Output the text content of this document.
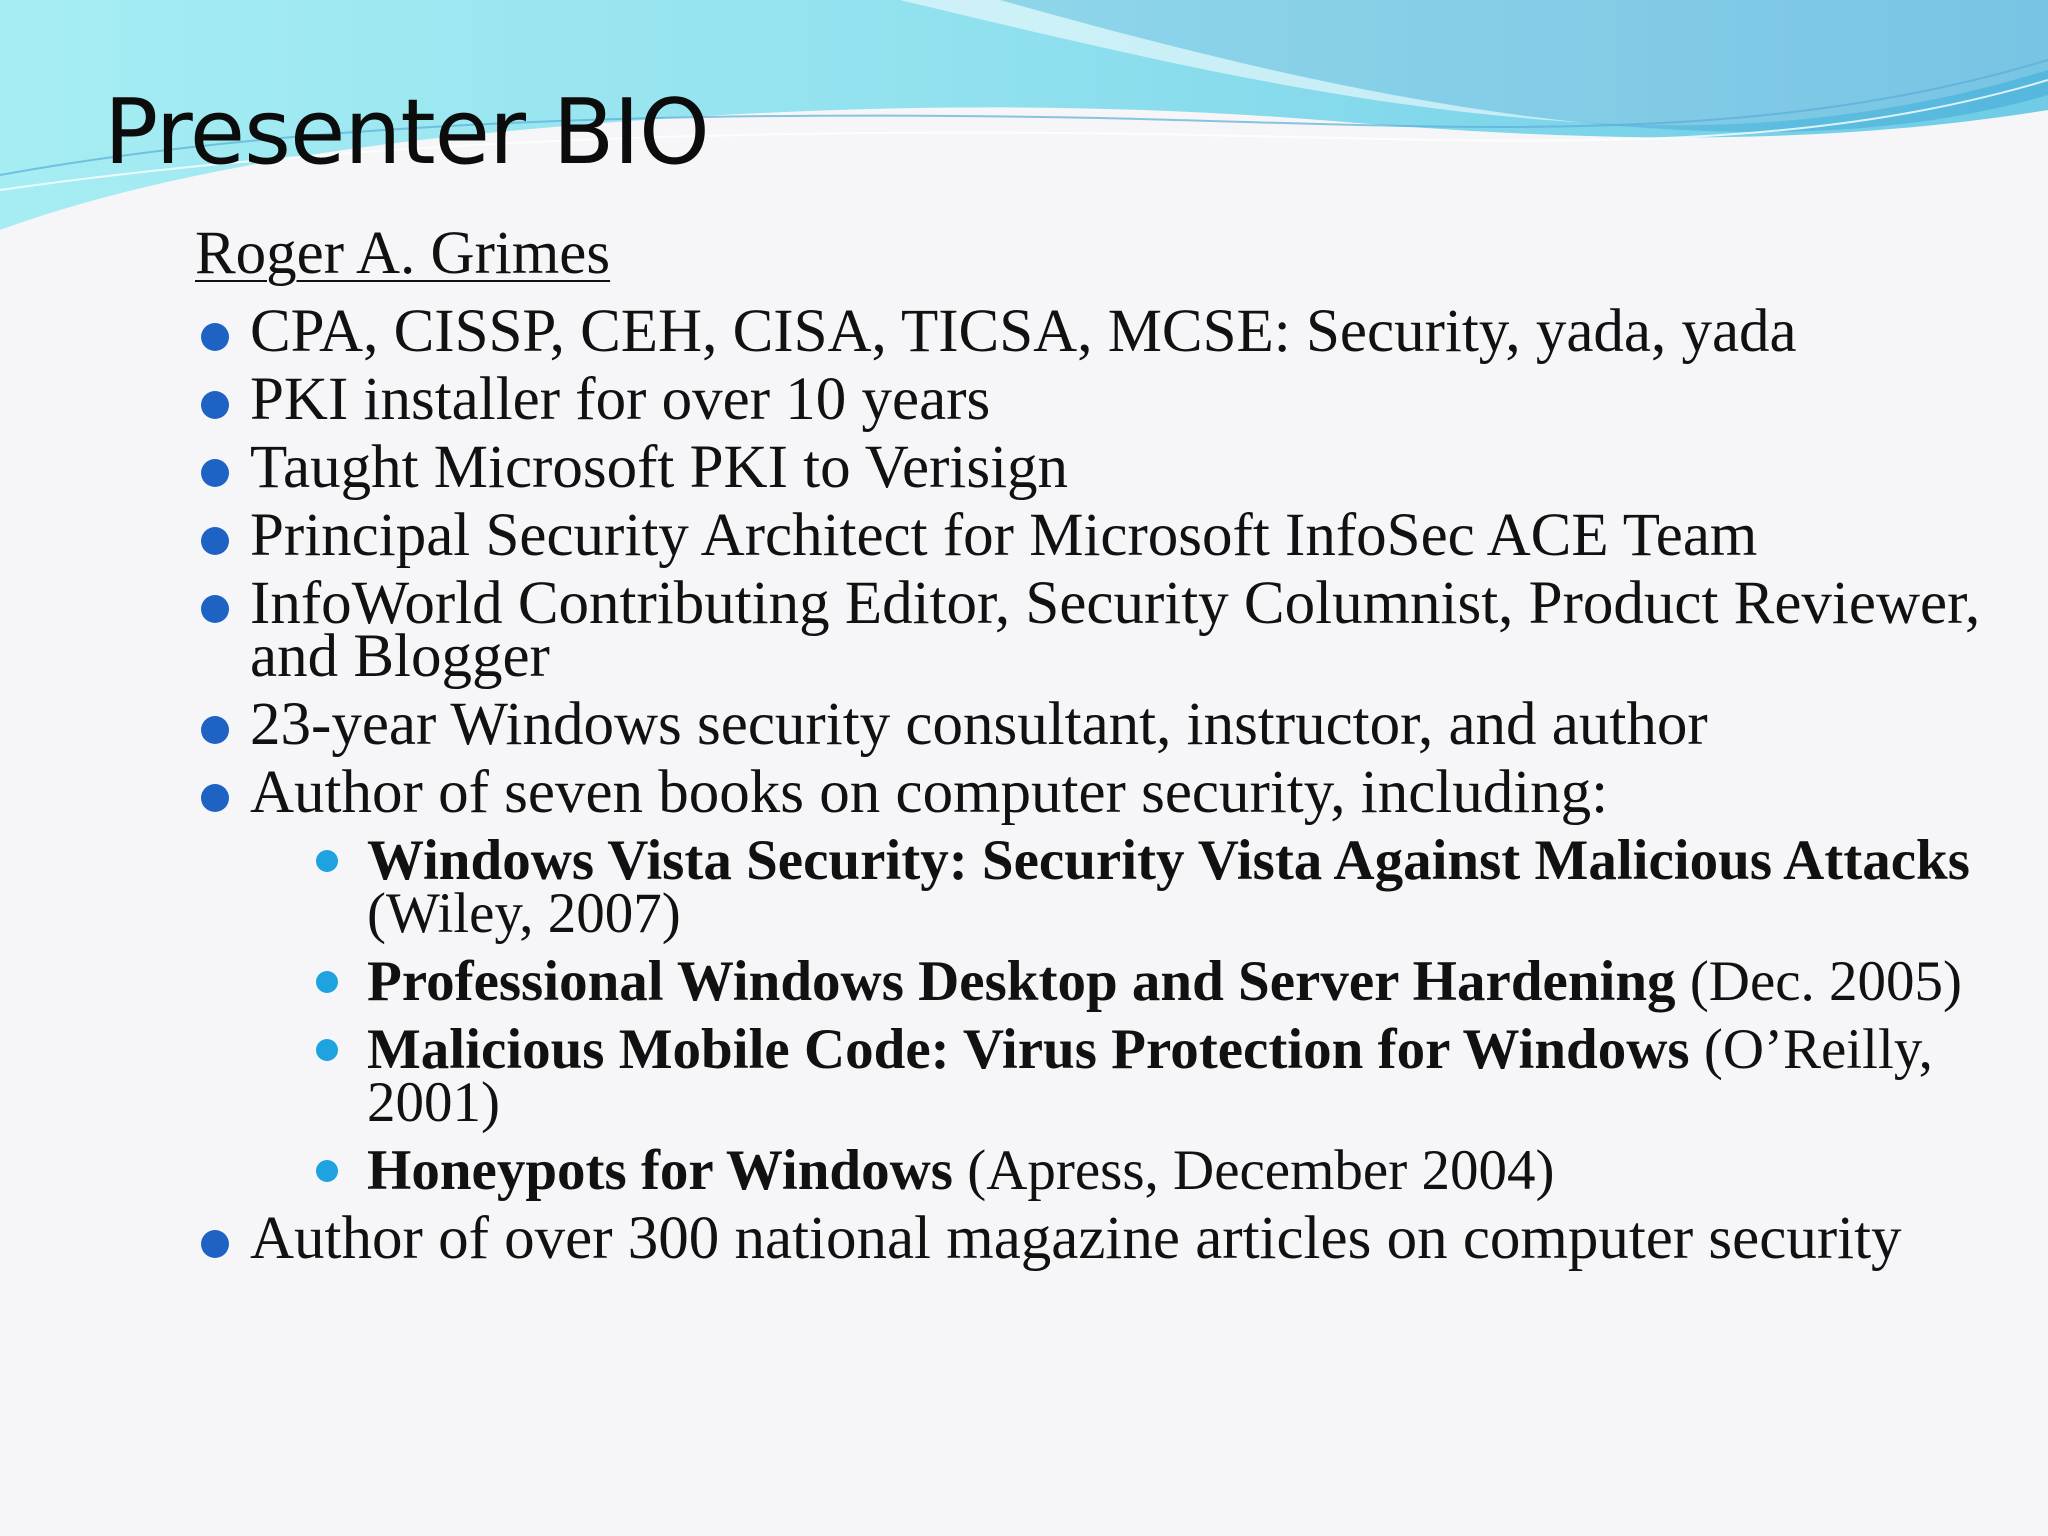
Presenter BIO
Roger A. Grimes
CPA, CISSP, CEH, CISA, TICSA, MCSE: Security, yada, yada
PKI installer for over 10 years
Taught Microsoft PKI to Verisign
Principal Security Architect for Microsoft InfoSec ACE Team
InfoWorld Contributing Editor, Security Columnist, Product Reviewer, and Blogger
23-year Windows security consultant, instructor, and author
Author of seven books on computer security, including:
Windows Vista Security: Security Vista Against Malicious Attacks (Wiley, 2007)
Professional Windows Desktop and Server Hardening (Dec. 2005)
Malicious Mobile Code: Virus Protection for Windows (O’Reilly, 2001)
Honeypots for Windows (Apress, December 2004)
Author of over 300 national magazine articles on computer security
